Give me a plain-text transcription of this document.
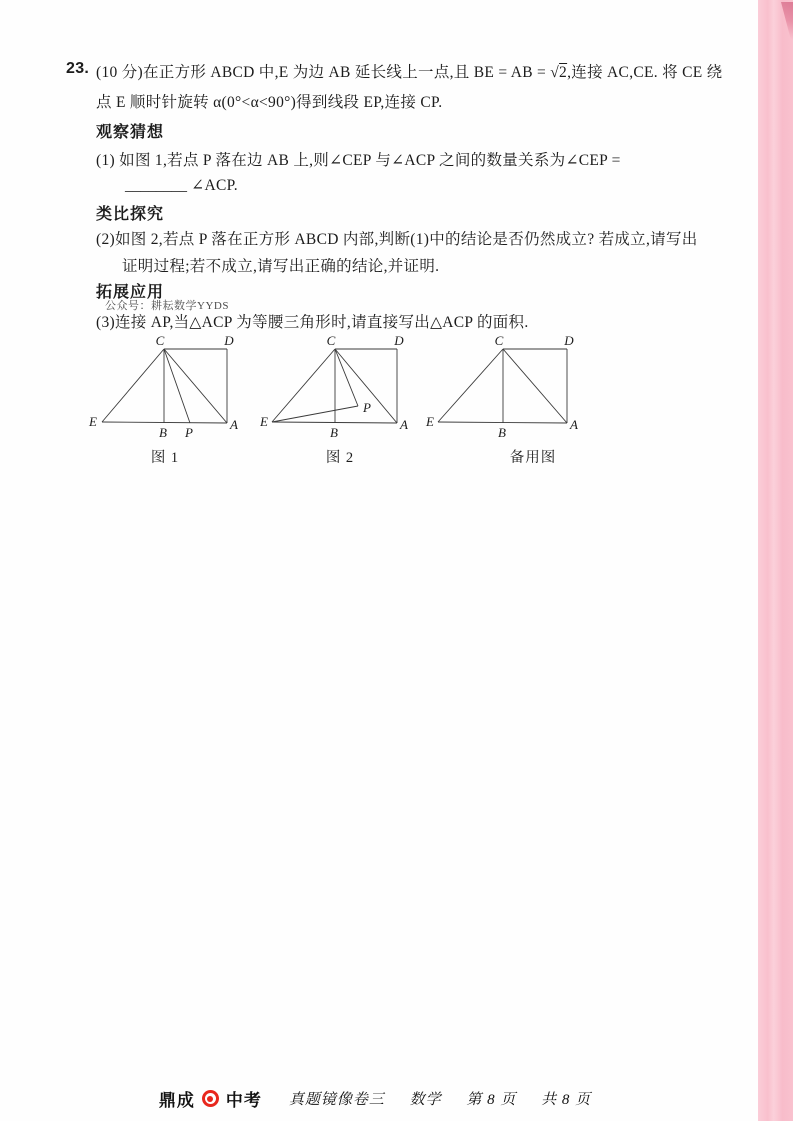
23. (10 分)在正方形 ABCD 中,E 为边 AB 延长线上一点,且 BE = AB = √2,连接 AC,CE. 将 CE 绕
点 E 顺时针旋转 α(0°<α<90°)得到线段 EP,连接 CP.
观察猜想
(1) 如图 1,若点 P 落在边 AB 上,则∠CEP 与∠ACP 之间的数量关系为∠CEP =
________ ∠ACP.
类比探究
(2)如图 2,若点 P 落在正方形 ABCD 内部,判断(1)中的结论是否仍然成立? 若成立,请写出
证明过程;若不成立,请写出正确的结论,并证明.
拓展应用
公众号：耕耘数学YYDS
(3)连接 AP,当△ACP 为等腰三角形时,请直接写出△ACP 的面积.
C	D
E
B P
A
图 1
C	D
E
B
P
A
图 2
C	D
E
B
A
备用图
鼎成 中考 真题镜像卷三 数学 第 8 页 共 8 页
